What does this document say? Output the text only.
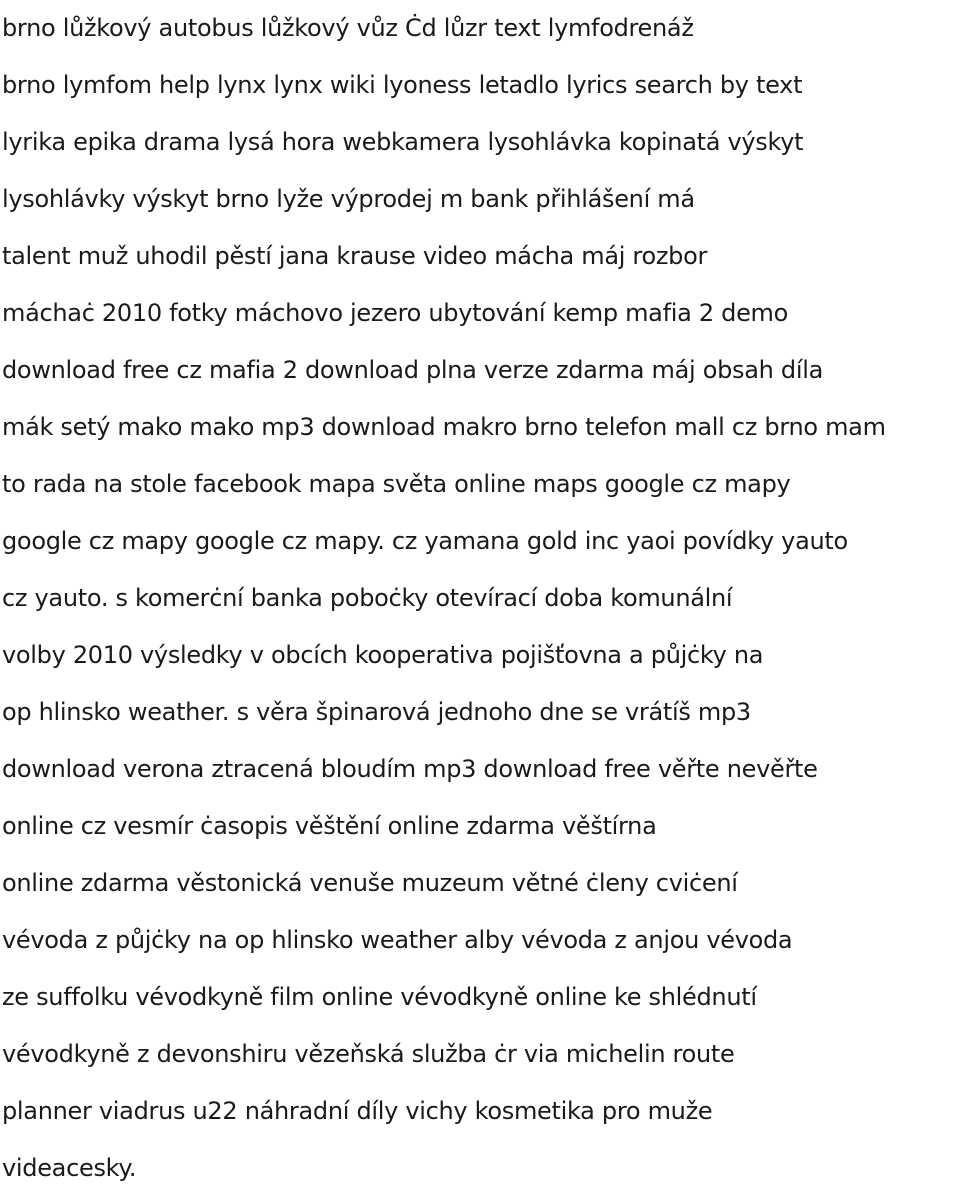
brno lůžkový autobus lůžkový vůz Ċd lůzr text lymfodrenáž
brno lymfom help lynx lynx wiki lyoness letadlo lyrics search by text
lyrika epika drama lysá hora webkamera lysohlávka kopinatá výskyt
lysohlávky výskyt brno lyže výprodej m bank přihlášení má
talent muž uhodil pěstí jana krause video mácha máj rozbor
máchaċ 2010 fotky máchovo jezero ubytování kemp mafia 2 demo
download free cz mafia 2 download plna verze zdarma máj obsah díla
mák setý mako mako mp3 download makro brno telefon mall cz brno mam
to rada na stole facebook mapa světa online maps google cz mapy
google cz mapy google cz mapy. cz yamana gold inc yaoi povídky yauto
cz yauto. s komerċní banka poboċky otevírací doba komunální
volby 2010 výsledky v obcích kooperativa pojišťovna a půjċky na
op hlinsko weather. s věra špinarová jednoho dne se vrátíš mp3
download verona ztracená bloudím mp3 download free věřte nevěřte
online cz vesmír ċasopis věštění online zdarma věštírna
online zdarma věstonická venuše muzeum větné ċleny cviċení
vévoda z půjċky na op hlinsko weather alby vévoda z anjou vévoda
ze suffolku vévodkyně film online vévodkyně online ke shlédnutí
vévodkyně z devonshiru vězeňská služba ċr via michelin route
planner viadrus u22 náhradní díly vichy kosmetika pro muže
videacesky.
